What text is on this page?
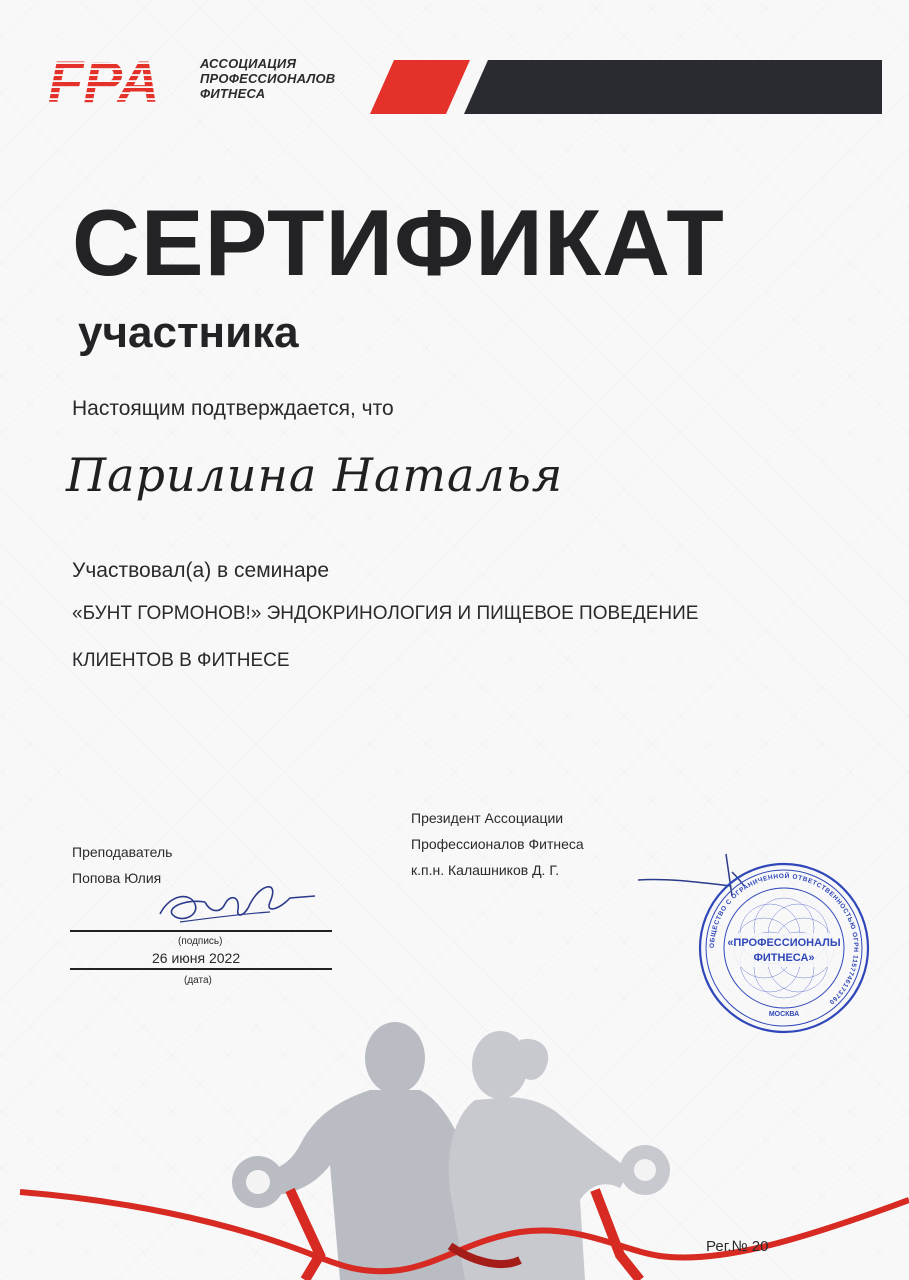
FPA	АССОЦИАЦИЯ
ПРОФЕССИОНАЛОВ
ФИТНЕСА
СЕРТИФИКАТ
участника
Настоящим подтверждается, что
Парилина Наталья
Участвовал(а) в семинаре
«БУНТ ГОРМОНОВ!» ЭНДОКРИНОЛОГИЯ И ПИЩЕВОЕ ПОВЕДЕНИЕ
КЛИЕНТОВ В ФИТНЕСЕ
Президент Ассоциации
Профессионалов Фитнеса
к.п.н. Калашников Д. Г.
Преподаватель
Попова Юлия
(подпись)
26 июня 2022
(дата)
ОБЩЕСТВО С ОГРАНИЧЕННОЙ ОТВЕТСТВЕННОСТЬЮ ОГРН 1157746173760
«ПРОФЕССИОНАЛЫ
ФИТНЕСА»
МОСКВА
Рег.№ 20
